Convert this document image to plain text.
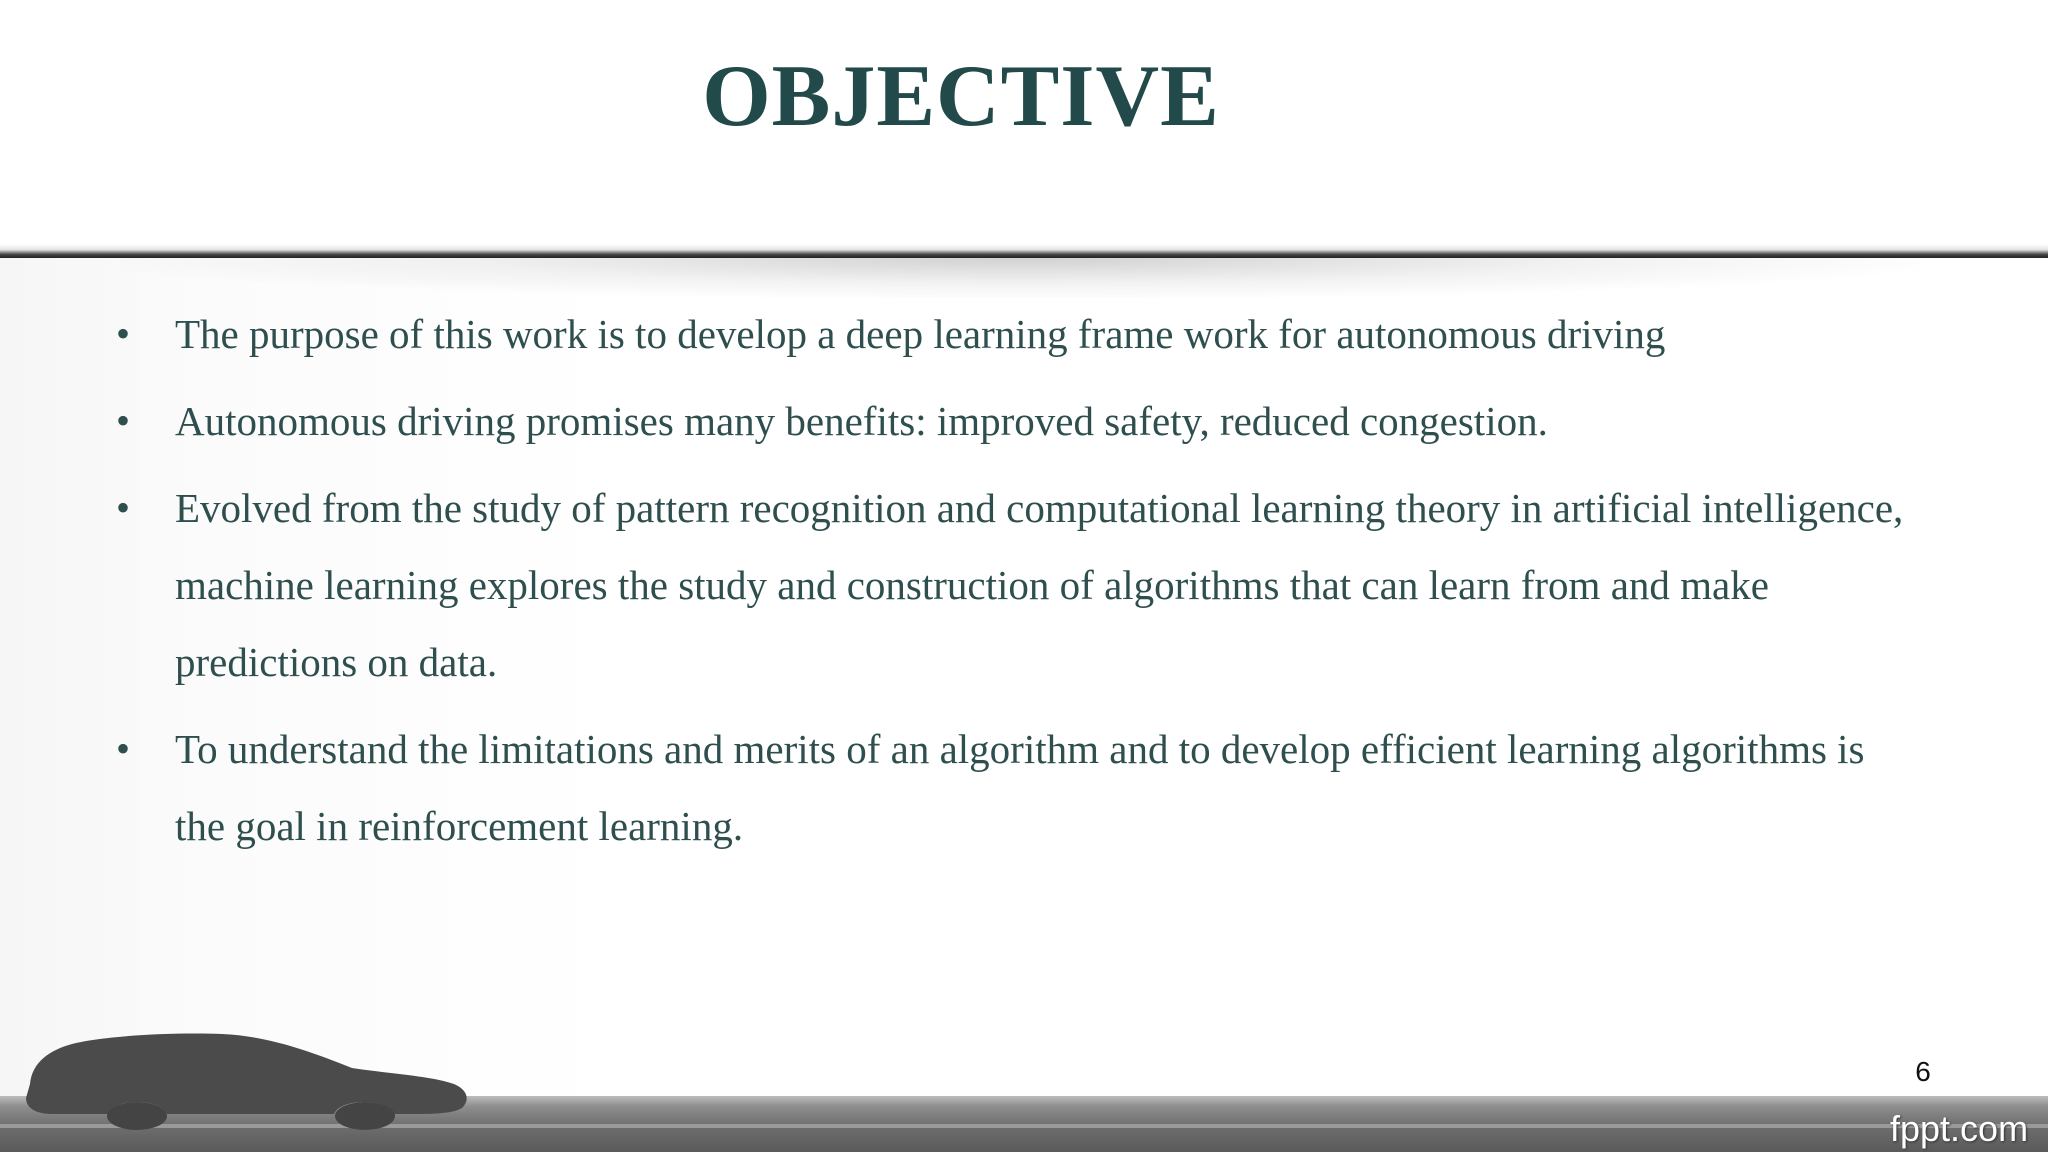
OBJECTIVE
• The purpose of this work is to develop a deep learning frame work for autonomous driving
• Autonomous driving promises many benefits: improved safety, reduced congestion.
• Evolved from the study of pattern recognition and computational learning theory in artificial intelligence, machine learning explores the study and construction of algorithms that can learn from and make predictions on data.
• To understand the limitations and merits of an algorithm and to develop efficient learning algorithms is the goal in reinforcement learning.
6
fppt.com
